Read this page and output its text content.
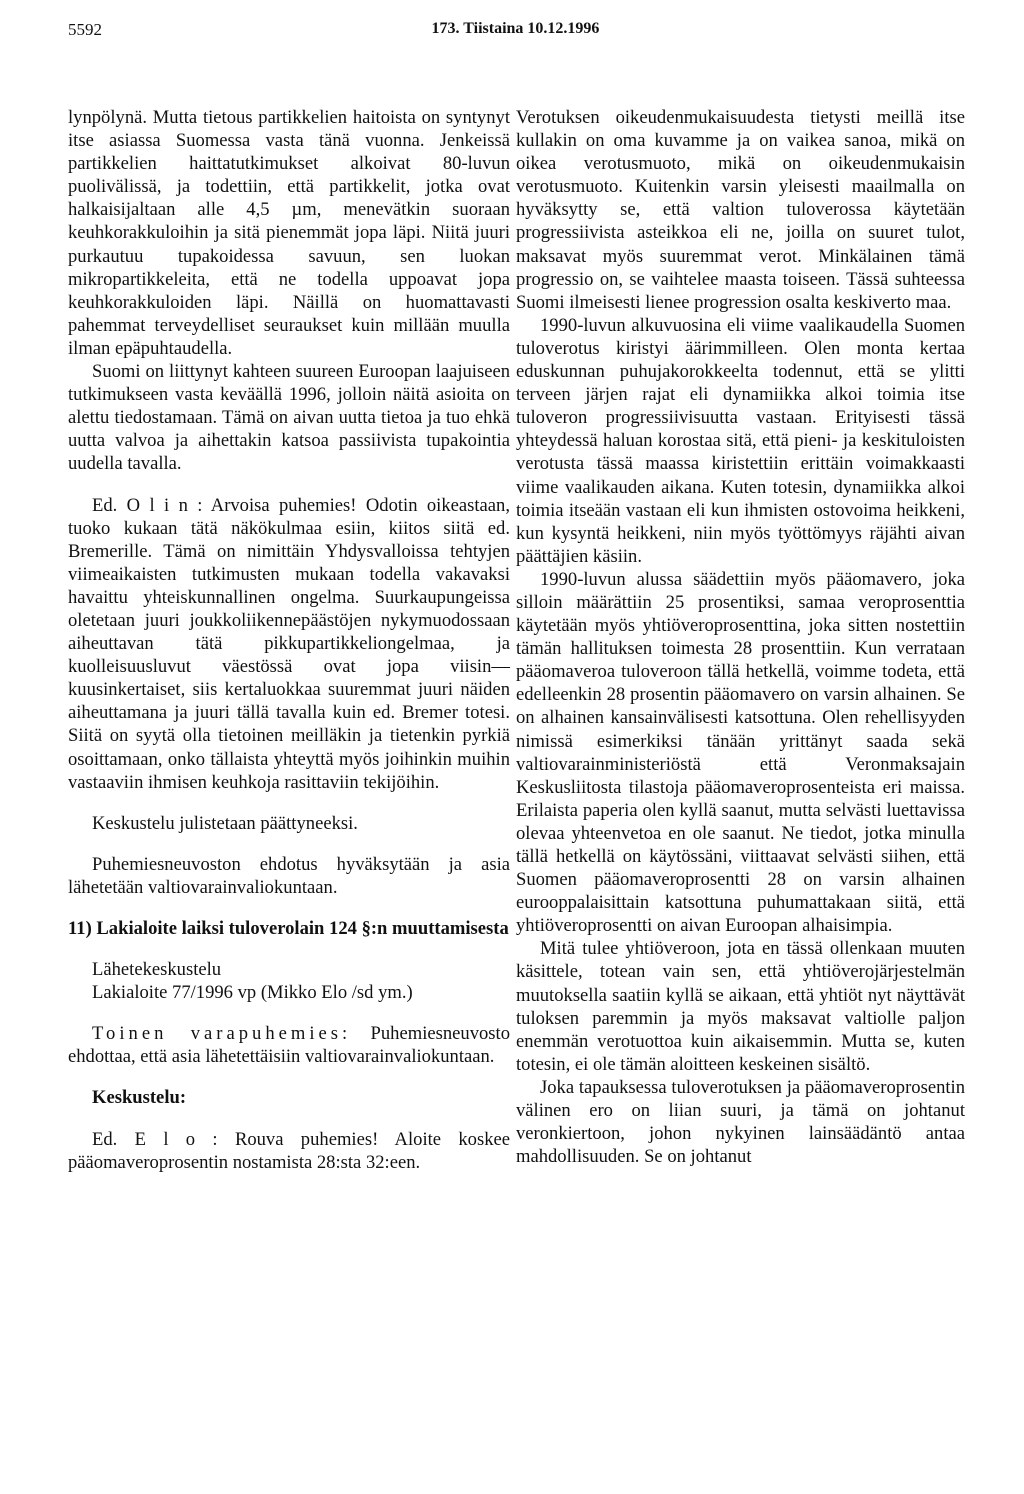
5592	173. Tiistaina 10.12.1996

lynpölynä. Mutta tietous partikkelien haitoista on syntynyt itse asiassa Suomessa vasta tänä vuonna. Jenkeissä partikkelien haittatutkimukset alkoivat 80-luvun puolivälissä, ja todettiin, että partikkelit, jotka ovat halkaisijaltaan alle 4,5 µm, menevätkin suoraan keuhkorakkuloihin ja sitä pienemmät jopa läpi. Niitä juuri purkautuu tupakoidessa savuun, sen luokan mikropartikkeleita, että ne todella uppoavat jopa keuhkorakkuloiden läpi. Näillä on huomattavasti pahemmat terveydelliset seuraukset kuin millään muulla ilman epäpuhtaudella.

Suomi on liittynyt kahteen suureen Euroopan laajuiseen tutkimukseen vasta keväällä 1996, jolloin näitä asioita on alettu tiedostamaan. Tämä on aivan uutta tietoa ja tuo ehkä uutta valvoa ja aihettakin katsoa passiivista tupakointia uudella tavalla.

Ed. O l i n : Arvoisa puhemies! Odotin oikeastaan, tuoko kukaan tätä näkökulmaa esiin, kiitos siitä ed. Bremerille. Tämä on nimittäin Yhdysvalloissa tehtyjen viimeaikaisten tutkimusten mukaan todella vakavaksi havaittu yhteiskunnallinen ongelma. Suurkaupungeissa oletetaan juuri joukkoliikennepäästöjen nykymuodossaan aiheuttavan tätä pikkupartikkeliongelmaa, ja kuolleisuusluvut väestössä ovat jopa viisin—kuusinkertaiset, siis kertaluokkaa suuremmat juuri näiden aiheuttamana ja juuri tällä tavalla kuin ed. Bremer totesi. Siitä on syytä olla tietoinen meilläkin ja tietenkin pyrkiä osoittamaan, onko tällaista yhteyttä myös joihinkin muihin vastaaviin ihmisen keuhkoja rasittaviin tekijöihin.

Keskustelu julistetaan päättyneeksi.

Puhemiesneuvoston ehdotus hyväksytään ja asia lähetetään valtiovarainvaliokuntaan.

11) Lakialoite laiksi tuloverolain 124 §:n muuttamisesta

Lähetekeskustelu

Lakialoite 77/1996 vp (Mikko Elo /sd ym.)

Toinen varapuhemies: Puhemiesneuvosto ehdottaa, että asia lähetettäisiin valtiovarainvaliokuntaan.

Keskustelu:

Ed. E l o : Rouva puhemies! Aloite koskee pääomaveroprosentin nostamista 28:sta 32:een.

Verotuksen oikeudenmukaisuudesta tietysti meillä itse kullakin on oma kuvamme ja on vaikea sanoa, mikä on oikea verotusmuoto, mikä on oikeudenmukaisin verotusmuoto. Kuitenkin varsin yleisesti maailmalla on hyväksytty se, että valtion tuloverossa käytetään progressiivista asteikkoa eli ne, joilla on suuret tulot, maksavat myös suuremmat verot. Minkälainen tämä progressio on, se vaihtelee maasta toiseen. Tässä suhteessa Suomi ilmeisesti lienee progression osalta keskiverto maa.

1990-luvun alkuvuosina eli viime vaalikaudella Suomen tuloverotus kiristyi äärimmilleen. Olen monta kertaa eduskunnan puhujakorokkeelta todennut, että se ylitti terveen järjen rajat eli dynamiikka alkoi toimia itse tuloveron progressiivisuutta vastaan. Erityisesti tässä yhteydessä haluan korostaa sitä, että pieni- ja keskituloisten verotusta tässä maassa kiristettiin erittäin voimakkaasti viime vaalikauden aikana. Kuten totesin, dynamiikka alkoi toimia itseään vastaan eli kun ihmisten ostovoima heikkeni, kun kysyntä heikkeni, niin myös työttömyys räjähti aivan päättäjien käsiin.

1990-luvun alussa säädettiin myös pääomavero, joka silloin määrättiin 25 prosentiksi, samaa veroprosenttia käytetään myös yhtiöveroprosenttina, joka sitten nostettiin tämän hallituksen toimesta 28 prosenttiin. Kun verrataan pääomaveroa tuloveroon tällä hetkellä, voimme todeta, että edelleenkin 28 prosentin pääomavero on varsin alhainen. Se on alhainen kansainvälisesti katsottuna. Olen rehellisyyden nimissä esimerkiksi tänään yrittänyt saada sekä valtiovarainministeriöstä että Veronmaksajain Keskusliitosta tilastoja pääomaveroprosenteista eri maissa. Erilaista paperia olen kyllä saanut, mutta selvästi luettavissa olevaa yhteenvetoa en ole saanut. Ne tiedot, jotka minulla tällä hetkellä on käytössäni, viittaavat selvästi siihen, että Suomen pääomaveroprosentti 28 on varsin alhainen eurooppalaisittain katsottuna puhumattakaan siitä, että yhtiöveroprosentti on aivan Euroopan alhaisimpia.

Mitä tulee yhtiöveroon, jota en tässä ollenkaan muuten käsittele, totean vain sen, että yhtiöverojärjestelmän muutoksella saatiin kyllä se aikaan, että yhtiöt nyt näyttävät tuloksen paremmin ja myös maksavat valtiolle paljon enemmän verotuottoa kuin aikaisemmin. Mutta se, kuten totesin, ei ole tämän aloitteen keskeinen sisältö.

Joka tapauksessa tuloverotuksen ja pääomaveroprosentin välinen ero on liian suuri, ja tämä on johtanut veronkiertoon, johon nykyinen lainsäädäntö antaa mahdollisuuden. Se on johtanut
